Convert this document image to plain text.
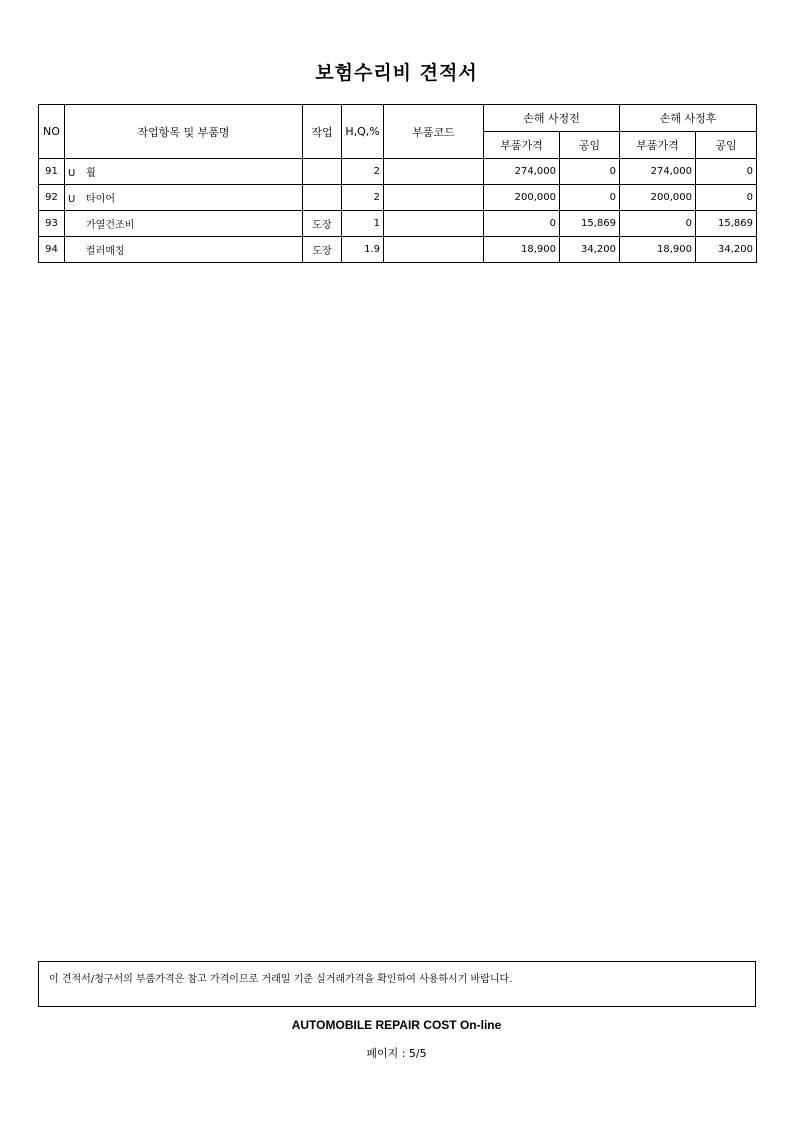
보험수리비 견적서
NO	작업항목 및 부품명	작업	H,Q,%	부품코드	손해 사정전		손해 사정후	
					부품가격	공임	부품가격	공임
91	U 휠		2		274,000	0	274,000	0
92	U 타이어		2		200,000	0	200,000	0
93	가열건조비	도장	1		0	15,869	0	15,869
94	컬러매칭	도장	1.9		18,900	34,200	18,900	34,200
이 견적서/청구서의 부품가격은 참고 가격이므로 거래일 기준 실거래가격을 확인하여 사용하시기 바랍니다.
AUTOMOBILE REPAIR COST On-line
페이지 : 5/5
